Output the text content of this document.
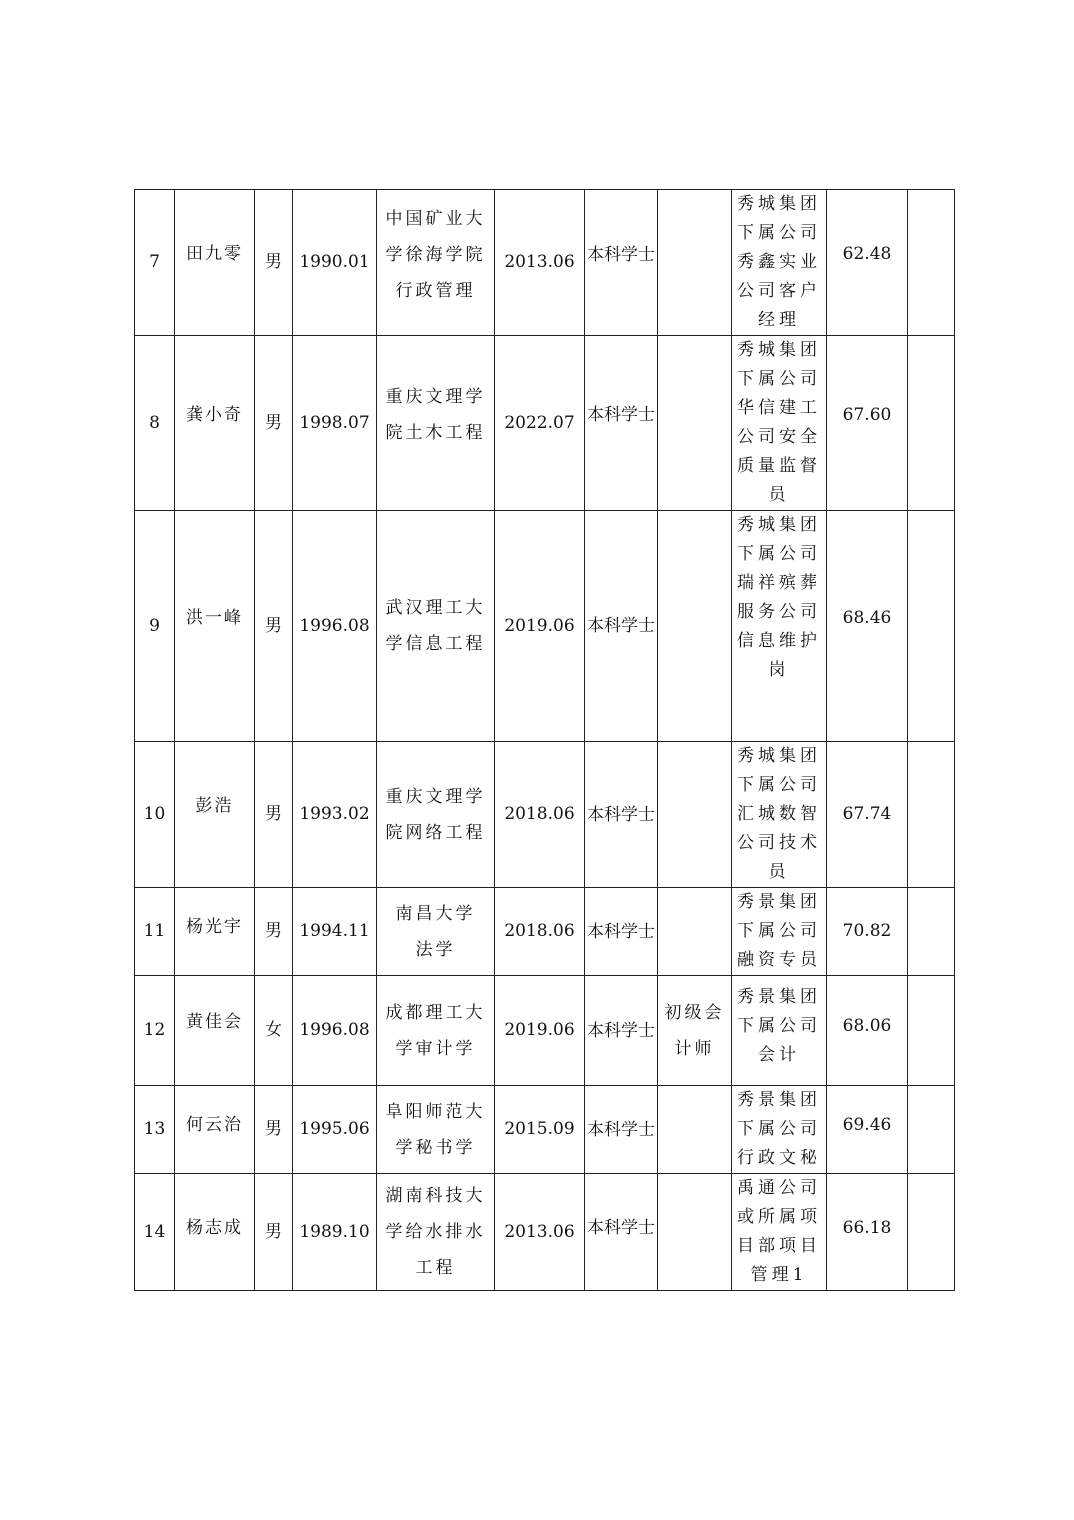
7	田九零	男	1990.01	中国矿业大学徐海学院行政管理	2013.06	本科学士		秀城集团下属公司秀鑫实业公司客户经理	62.48	
8	龚小奇	男	1998.07	重庆文理学院土木工程	2022.07	本科学士		秀城集团下属公司华信建工公司安全质量监督员	67.60	
9	洪一峰	男	1996.08	武汉理工大学信息工程	2019.06	本科学士		秀城集团下属公司瑞祥殡葬服务公司信息维护岗	68.46	
10	彭浩	男	1993.02	重庆文理学院网络工程	2018.06	本科学士		秀城集团下属公司汇城数智公司技术员	67.74	
11	杨光宇	男	1994.11	南昌大学法学	2018.06	本科学士		秀景集团下属公司融资专员	70.82	
12	黄佳会	女	1996.08	成都理工大学审计学	2019.06	本科学士	初级会计师	秀景集团下属公司会计	68.06	
13	何云治	男	1995.06	阜阳师范大学秘书学	2015.09	本科学士		秀景集团下属公司行政文秘	69.46	
14	杨志成	男	1989.10	湖南科技大学给水排水工程	2013.06	本科学士		禹通公司或所属项目部项目管理1	66.18	
